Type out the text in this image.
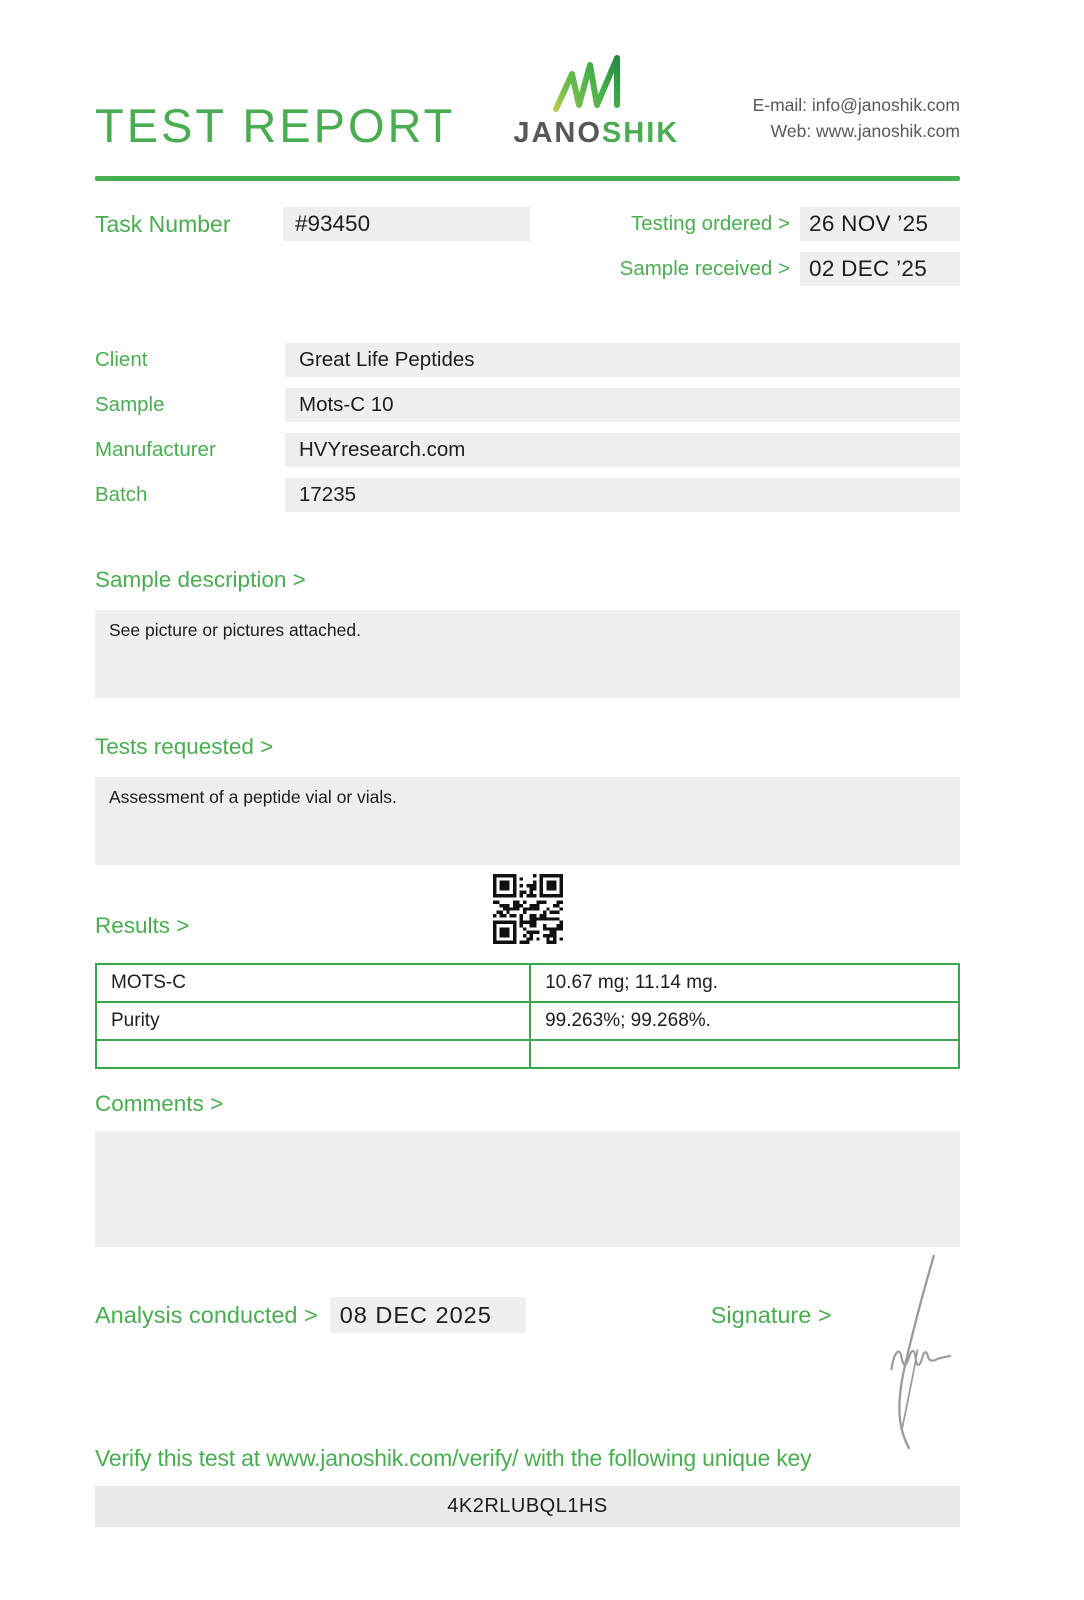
TEST REPORT JANOSHIK
E-mail: info@janoshik.com
Web: www.janoshik.com
Task Number	#93450	Testing ordered > 26 NOV ’25
Sample received > 02 DEC ’25
Client	Great Life Peptides
Sample	Mots-C 10
Manufacturer	HVYresearch.com
Batch	17235
Sample description >
See picture or pictures attached.
Tests requested >
Assessment of a peptide vial or vials.
Results >
MOTS-C	10.67 mg; 11.14 mg.
Purity	99.263%; 99.268%.

Comments >
Analysis conducted > 08 DEC 2025	Signature >
Verify this test at www.janoshik.com/verify/ with the following unique key
4K2RLUBQL1HS
